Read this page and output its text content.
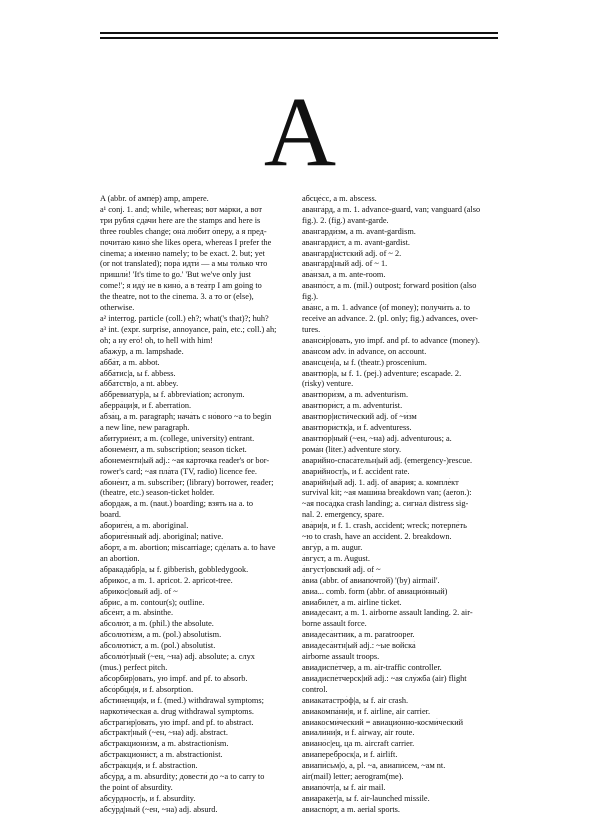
A

A (abbr. of ампе́р) amp, ampere.

a¹ conj. 1. and; while, whereas; вот ма́рки, а вот

три рубля́ сда́чи here are the stamps and here is

three roubles change; она́ лю́бит о́перу, а я пред-

почита́ю кино́ she likes opera, whereas I prefer the

cinema; а и́менно namely; to be exact. 2. but; yet

(or not translated); пора́ идти́ — а мы то́лько что

пришли́! 'It's time to go.' 'But we've only just

come!'; я иду́ не в кино́, а в теа́тр I am going to

the theatre, not to the cinema. 3. а то or (else),

otherwise.

a² interrog. particle (coll.) eh?; what('s that)?; huh?

a³ int. (expr. surprise, annoyance, pain, etc.; coll.) ah;

oh; а ну его́! oh, to hell with him!

абажу́р, а m. lampshade.

абба́т, а m. abbot.

абба́тис|а, ы f. abbess.

абба́тств|о, а nt. abbey.

аббревиату́р|а, ы f. abbreviation; acronym.

аберра́ци|я, и f. aberration.

абза́ц, а m. paragraph; нача́ть с но́вого ~а to begin

a new line, new paragraph.

абитурие́нт, а m. (college, university) entrant.

абонеме́нт, а m. subscription; season ticket.

абонеме́нтн|ый adj.: ~ая ка́рточка reader's or bor-

rower's card; ~ая пла́та (TV, radio) licence fee.

абоне́нт, а m. subscriber; (library) borrower, reader;

(theatre, etc.) season-ticket holder.

аборда́ж, а m. (naut.) boarding; взять на а. to

board.

абориге́н, а m. aboriginal.

абориге́нный adj. aboriginal; native.

або́рт, а m. abortion; miscarriage; сде́лать а. to have

an abortion.

абракада́бр|а, ы f. gibberish, gobbledygook.

абрико́с, а m. 1. apricot. 2. apricot-tree.

абрико́с|овый adj. of ~

а́брис, а m. contour(s); outline.

абсе́нт, а m. absinthe.

абсолю́т, а m. (phil.) the absolute.

абсолюти́зм, а m. (pol.) absolutism.

абсолюти́ст, а m. (pol.) absolutist.

абсолю́т|ный (~ен, ~на) adj. absolute; а. слух

(mus.) perfect pitch.

абсорби́р|овать, ую impf. and pf. to absorb.

абсо́рбци|я, и f. absorption.

абстине́нци|я, и f. (med.) withdrawal symptoms;

наркоти́ческая а. drug withdrawal symptoms.

абстраги́р|овать, ую impf. and pf. to abstract.

абстра́кт|ный (~ен, ~на) adj. abstract.

абстракциони́зм, а m. abstractionism.

абстракциони́ст, а m. abstractionist.

абстра́кци|я, и f. abstraction.

абсу́рд, а m. absurdity; довести́ до ~а to carry to

the point of absurdity.

абсу́рдност|ь, и f. absurdity.

абсу́рд|ный (~ен, ~на) adj. absurd.

абсце́сс, а m. abscess.

аванга́рд, а m. 1. advance-guard, van; vanguard (also

fig.). 2. (fig.) avant-garde.

авангарди́зм, а m. avant-gardism.

авангарди́ст, а m. avant-gardist.

авангард|и́стский adj. of ~ 2.

аванга́рд|ный adj. of ~ 1.

ава́нзал, а m. ante-room.

аванпо́ст, а m. (mil.) outpost; forward position (also

fig.).

ава́нс, а m. 1. advance (of money); получи́ть а. to

receive an advance. 2. (pl. only; fig.) advances, over-

tures.

аванси́р|овать, ую impf. and pf. to advance (money).

ава́нсом adv. in advance, on account.

авансце́н|а, ы f. (theatr.) proscenium.

авантю́р|а, ы f. 1. (pej.) adventure; escapade. 2.

(risky) venture.

авантюри́зм, а m. adventurism.

авантюри́ст, а m. adventurist.

авантюр|исти́ческий adj. of ~и́зм

авантюри́стк|а, и f. adventuress.

авантю́р|ный (~ен, ~на) adj. adventurous; а.

рома́н (liter.) adventure story.

авари́йно-спаса́тельн|ый adj. (emergency-)rescue.

авари́йност|ь, и f. accident rate.

авари́йн|ый adj. 1. adj. of ава́рия; а. компле́кт

survival kit; ~ая маши́на breakdown van; (aeron.):

~ая поса́дка crash landing; а. сигна́л distress sig-

nal. 2. emergency, spare.

ава́ри|я, и f. 1. crash, accident; wreck; потерпе́ть

~ю to crash, have an accident. 2. breakdown.

авгу́р, а m. augur.

а́вгуст, а m. August.

а́вгуст|овский adj. of ~

а́виа (abbr. of авиапо́чтой) '(by) airmail'.

авиа... comb. form (abbr. of авиацио́нный)

авиабиле́т, а m. airline ticket.

авиадеса́нт, а m. 1. airborne assault landing. 2. air-

borne assault force.

авиадеса́нтник, а m. paratrooper.

авиадеса́нтн|ый adj.: ~ые войска́

airborne assault troops.

авиадиспе́тчер, а m. air-traffic controller.

авиадиспе́тчерск|ий adj.: ~ая слу́жба (air) flight

control.

авиакатастро́ф|а, ы f. air crash.

авиакомпа́ни|я, и f. airline, air carrier.

авиакосми́ческий = авиацио́нно-косми́ческий

авиали́ни|я, и f. airway, air route.

авиано́с|ец, ца m. aircraft carrier.

авиапереб́роск|а, и f. airlift.

авиапи́сьм|о́, а, pl. ~а, авиапи́сем, ~ам nt.

air(mail) letter; aerogram(me).

авиапо́чт|а, ы f. air mail.

авиараке́т|а, ы f. air-launched missile.

авиаспо́рт, а m. aerial sports.
